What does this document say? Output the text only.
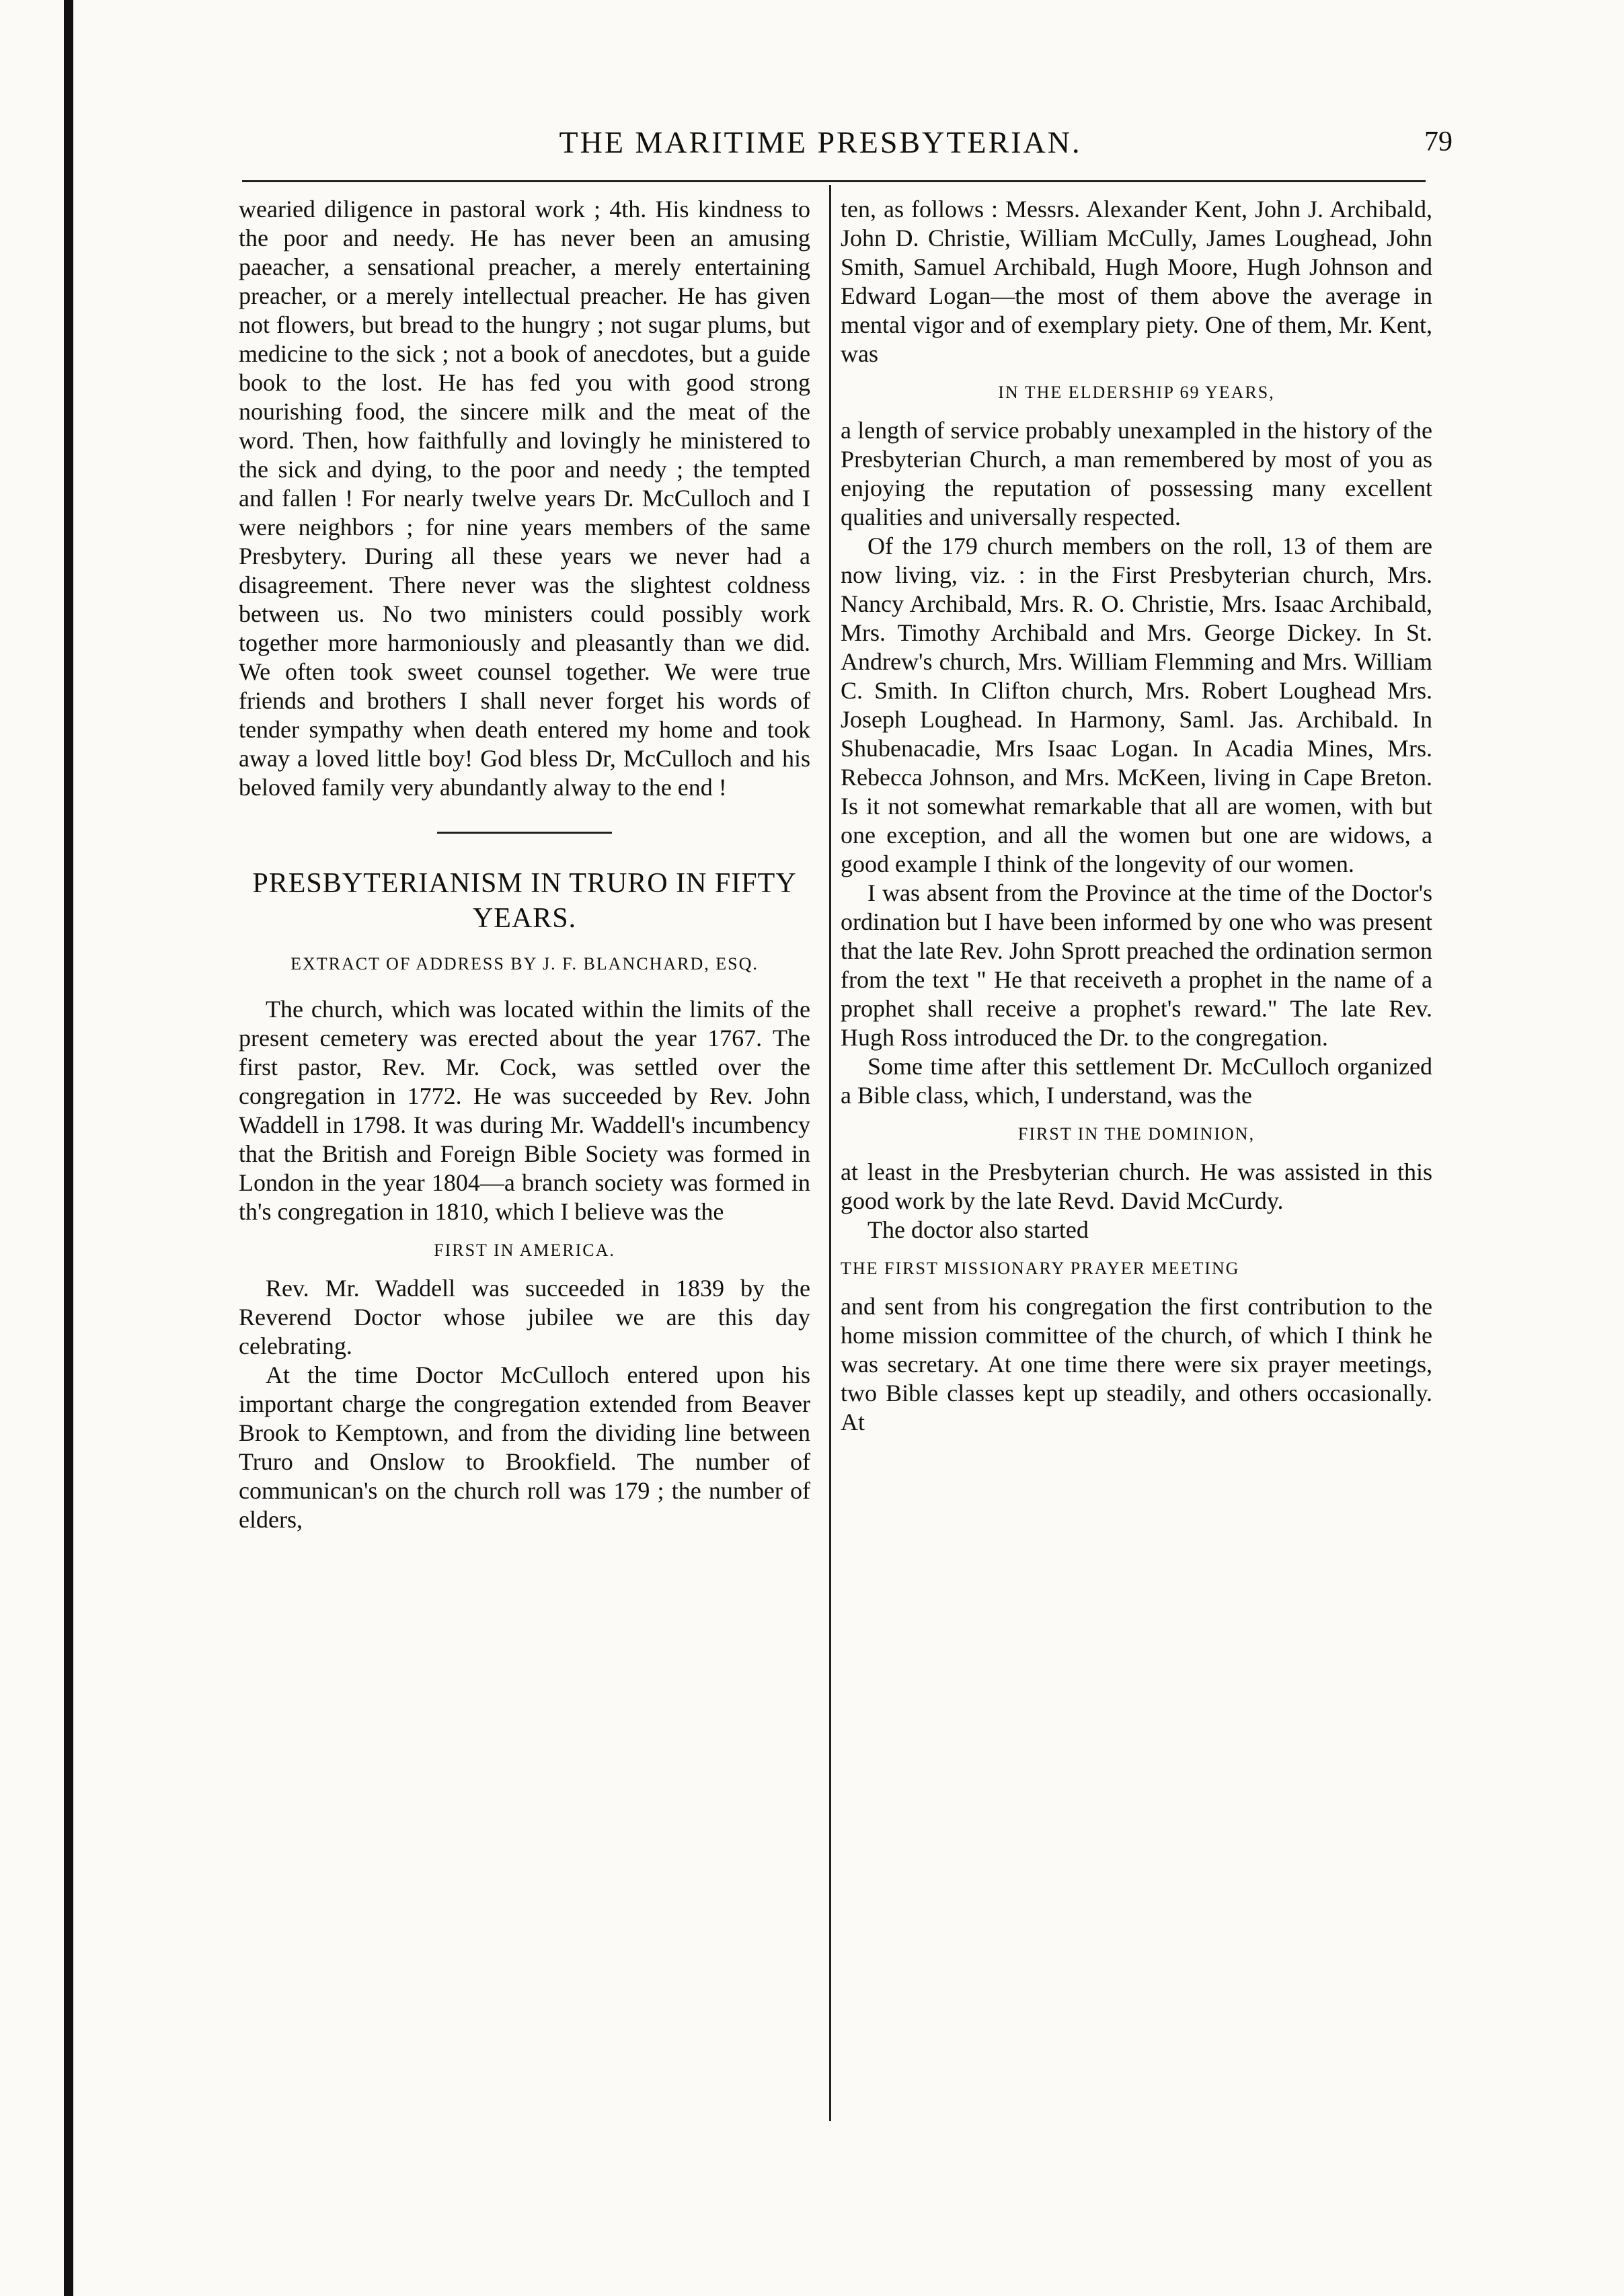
THE MARITIME PRESBYTERIAN.	79

wearied diligence in pastoral work ; 4th. His kindness to the poor and needy. He has never been an amusing paeacher, a sensational preacher, a merely entertaining preacher, or a merely intellectual preacher. He has given not flowers, but bread to the hungry ; not sugar plums, but medicine to the sick ; not a book of anecdotes, but a guide book to the lost. He has fed you with good strong nourishing food, the sincere milk and the meat of the word. Then, how faithfully and lovingly he ministered to the sick and dying, to the poor and needy ; the tempted and fallen ! For nearly twelve years Dr. McCulloch and I were neighbors ; for nine years members of the same Presbytery. During all these years we never had a disagreement. There never was the slightest coldness between us. No two ministers could possibly work together more harmoniously and pleasantly than we did. We often took sweet counsel together. We were true friends and brothers I shall never forget his words of tender sympathy when death entered my home and took away a loved little boy! God bless Dr, McCulloch and his beloved family very abundantly alway to the end !

PRESBYTERIANISM IN TRURO IN FIFTY YEARS.
EXTRACT OF ADDRESS BY J. F. BLANCHARD, ESQ.

The church, which was located within the limits of the present cemetery was erected about the year 1767. The first pastor, Rev. Mr. Cock, was settled over the congregation in 1772. He was succeeded by Rev. John Waddell in 1798. It was during Mr. Waddell's incumbency that the British and Foreign Bible Society was formed in London in the year 1804—a branch society was formed in th's congregation in 1810, which I believe was the

FIRST IN AMERICA.

Rev. Mr. Waddell was succeeded in 1839 by the Reverend Doctor whose jubilee we are this day celebrating.

At the time Doctor McCulloch entered upon his important charge the congregation extended from Beaver Brook to Kemptown, and from the dividing line between Truro and Onslow to Brookfield. The number of communican's on the church roll was 179 ; the number of elders,

ten, as follows : Messrs. Alexander Kent, John J. Archibald, John D. Christie, William McCully, James Loughead, John Smith, Samuel Archibald, Hugh Moore, Hugh Johnson and Edward Logan—the most of them above the average in mental vigor and of exemplary piety. One of them, Mr. Kent, was

IN THE ELDERSHIP 69 YEARS,

a length of service probably unexampled in the history of the Presbyterian Church, a man remembered by most of you as enjoying the reputation of possessing many excellent qualities and universally respected.

Of the 179 church members on the roll, 13 of them are now living, viz. : in the First Presbyterian church, Mrs. Nancy Archibald, Mrs. R. O. Christie, Mrs. Isaac Archibald, Mrs. Timothy Archibald and Mrs. George Dickey. In St. Andrew's church, Mrs. William Flemming and Mrs. William C. Smith. In Clifton church, Mrs. Robert Loughead Mrs. Joseph Loughead. In Harmony, Saml. Jas. Archibald. In Shubenacadie, Mrs Isaac Logan. In Acadia Mines, Mrs. Rebecca Johnson, and Mrs. McKeen, living in Cape Breton. Is it not somewhat remarkable that all are women, with but one exception, and all the women but one are widows, a good example I think of the longevity of our women.

I was absent from the Province at the time of the Doctor's ordination but I have been informed by one who was present that the late Rev. John Sprott preached the ordination sermon from the text " He that receiveth a prophet in the name of a prophet shall receive a prophet's reward." The late Rev. Hugh Ross introduced the Dr. to the congregation.

Some time after this settlement Dr. McCulloch organized a Bible class, which, I understand, was the

FIRST IN THE DOMINION,

at least in the Presbyterian church. He was assisted in this good work by the late Revd. David McCurdy.

The doctor also started

THE FIRST MISSIONARY PRAYER MEETING

and sent from his congregation the first contribution to the home mission committee of the church, of which I think he was secretary. At one time there were six prayer meetings, two Bible classes kept up steadily, and others occasionally. At
